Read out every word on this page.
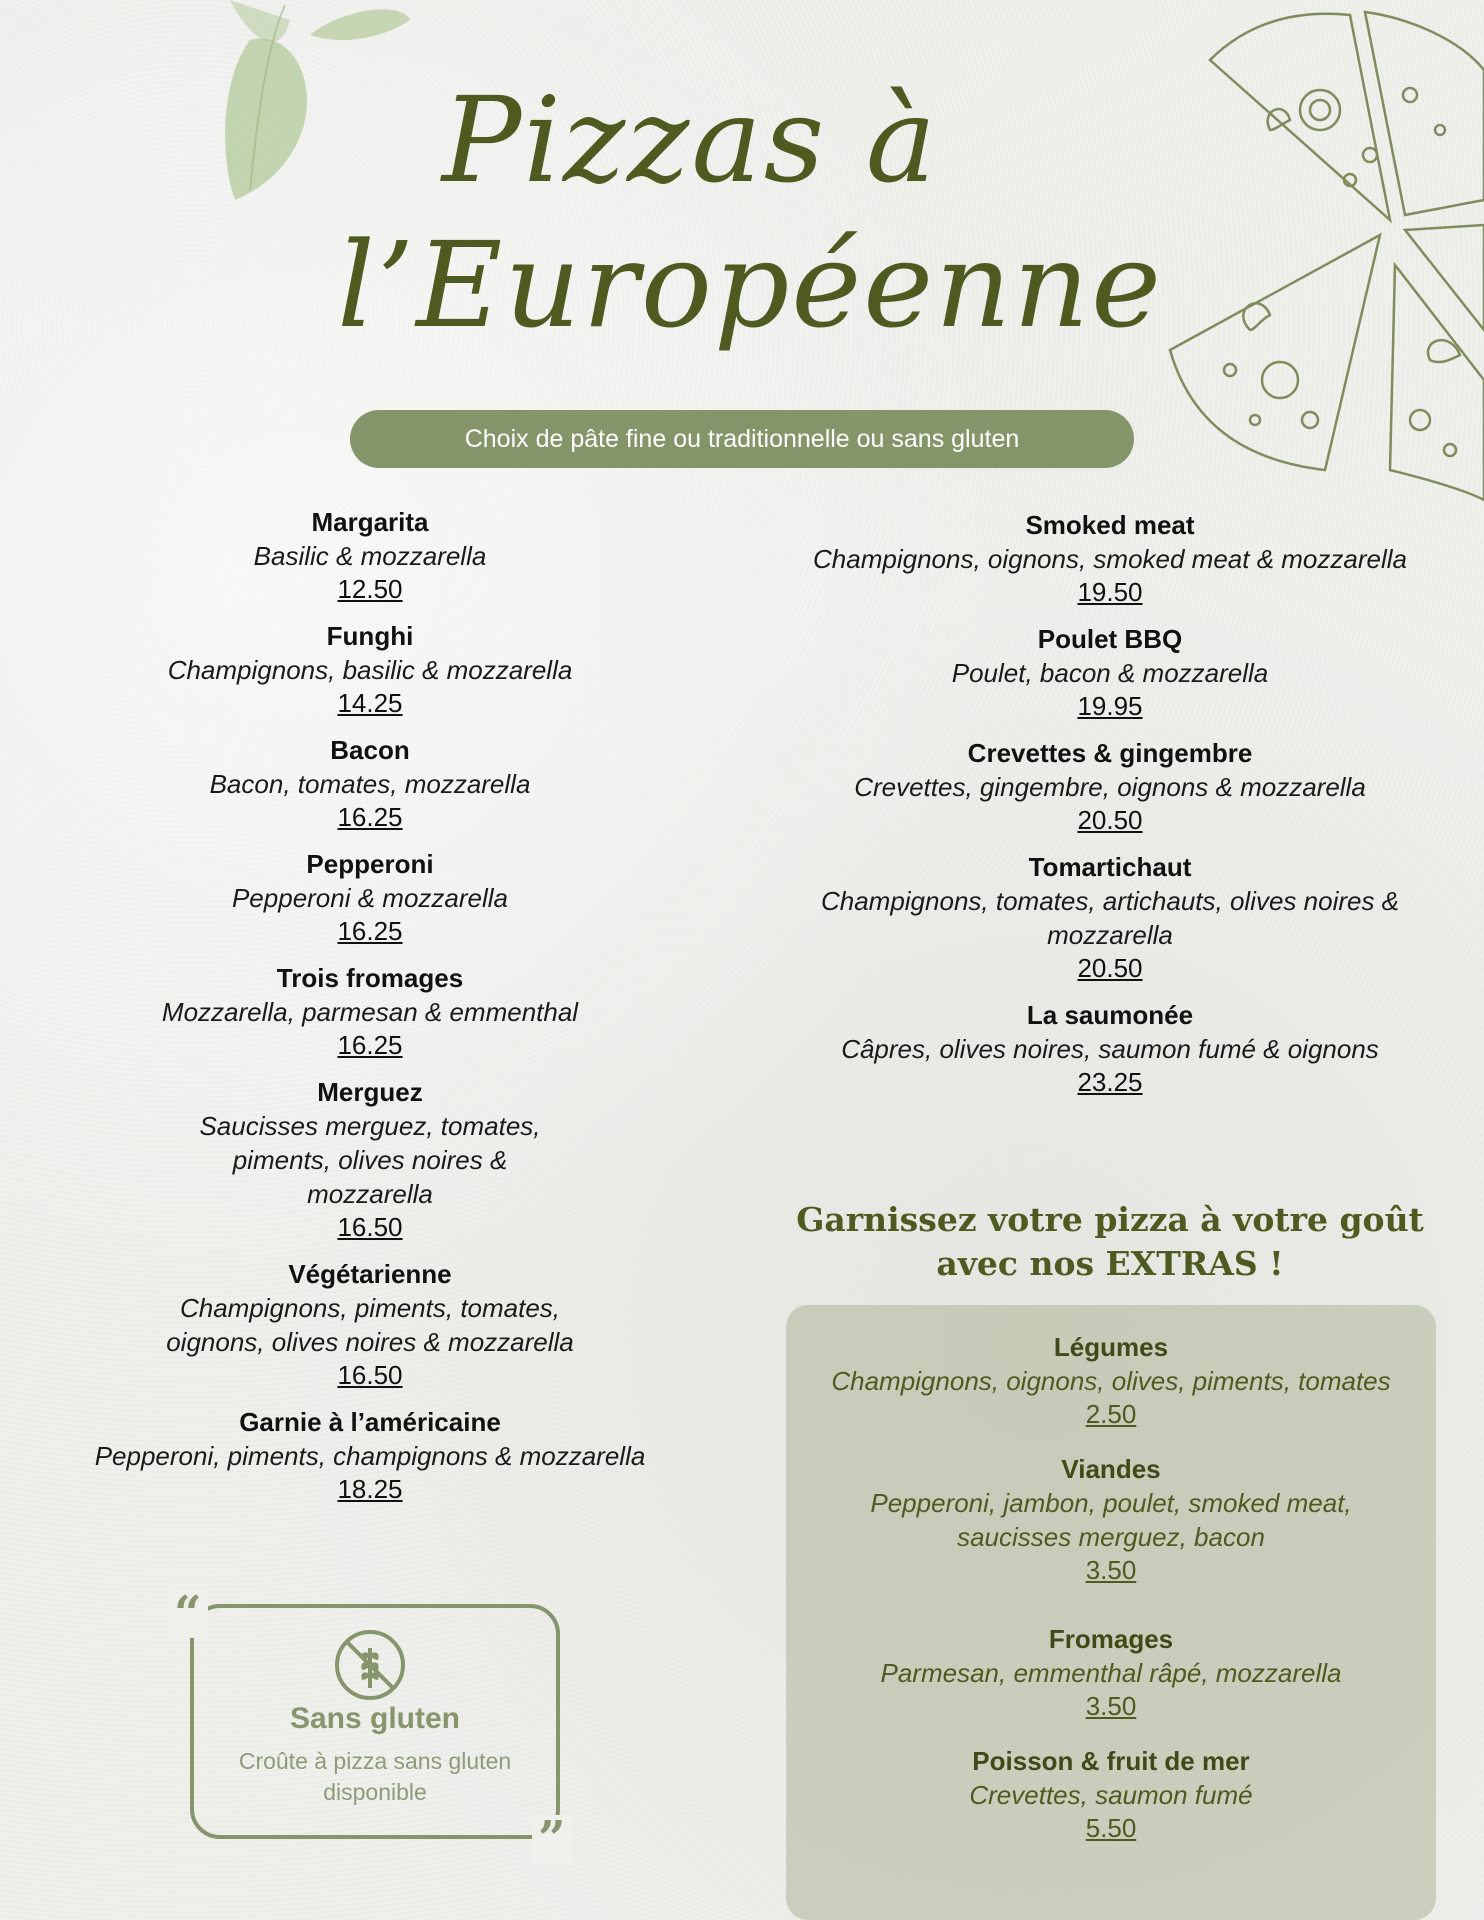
Pizzas à
l’Européenne
Choix de pâte fine ou traditionnelle ou sans gluten
Margarita
Basilic & mozzarella
12.50
Funghi
Champignons, basilic & mozzarella
14.25
Bacon
Bacon, tomates, mozzarella
16.25
Pepperoni
Pepperoni & mozzarella
16.25
Trois fromages
Mozzarella, parmesan & emmenthal
16.25
Merguez
Saucisses merguez, tomates, piments, olives noires & mozzarella
16.50
Végétarienne
Champignons, piments, tomates, oignons, olives noires & mozzarella
16.50
Garnie à l’américaine
Pepperoni, piments, champignons & mozzarella
18.25
Smoked meat
Champignons, oignons, smoked meat & mozzarella
19.50
Poulet BBQ
Poulet, bacon & mozzarella
19.95
Crevettes & gingembre
Crevettes, gingembre, oignons & mozzarella
20.50
Tomartichaut
Champignons, tomates, artichauts, olives noires & mozzarella
20.50
La saumonée
Câpres, olives noires, saumon fumé & oignons
23.25
“
”
Sans gluten
Croûte à pizza sans gluten disponible
Garnissez votre pizza à votre goût avec nos EXTRAS !
Légumes
Champignons, oignons, olives, piments, tomates
2.50
Viandes
Pepperoni, jambon, poulet, smoked meat, saucisses merguez, bacon
3.50
Fromages
Parmesan, emmenthal râpé, mozzarella
3.50
Poisson & fruit de mer
Crevettes, saumon fumé
5.50
